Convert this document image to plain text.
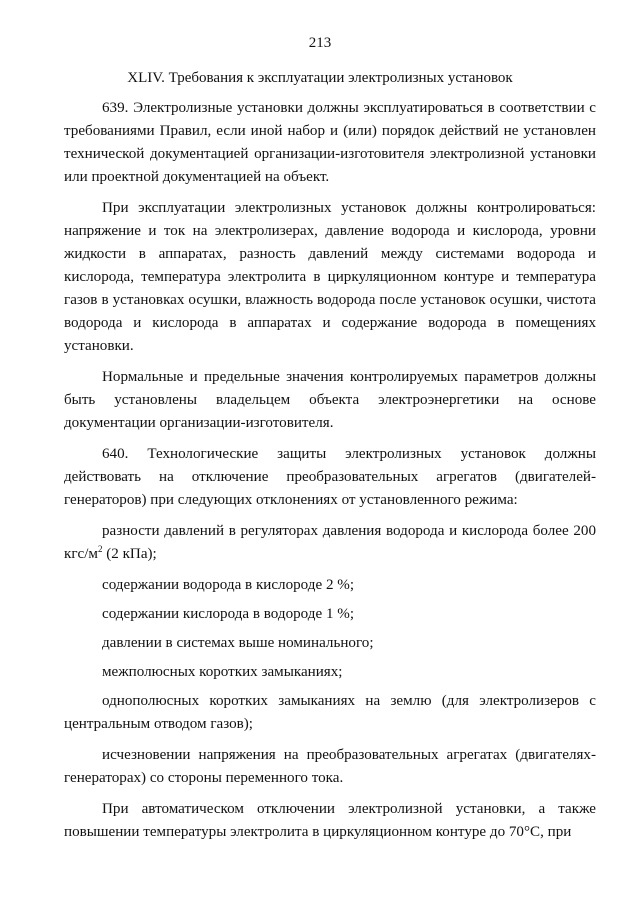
213
XLIV. Требования к эксплуатации электролизных установок

639. Электролизные установки должны эксплуатироваться в соответствии с требованиями Правил, если иной набор и (или) порядок действий не установлен технической документацией организации-изготовителя электролизной установки или проектной документацией на объект.

При эксплуатации электролизных установок должны контролироваться: напряжение и ток на электролизерах, давление водорода и кислорода, уровни жидкости в аппаратах, разность давлений между системами водорода и кислорода, температура электролита в циркуляционном контуре и температура газов в установках осушки, влажность водорода после установок осушки, чистота водорода и кислорода в аппаратах и содержание водорода в помещениях установки.

Нормальные и предельные значения контролируемых параметров должны быть установлены владельцем объекта электроэнергетики на основе документации организации-изготовителя.

640. Технологические защиты электролизных установок должны действовать на отключение преобразовательных агрегатов (двигателей-генераторов) при следующих отклонениях от установленного режима:

разности давлений в регуляторах давления водорода и кислорода более 200 кгс/$м^2$ (2 кПа);

содержании водорода в кислороде 2 %;

содержании кислорода в водороде 1 %;

давлении в системах выше номинального;

межполюсных коротких замыканиях;

однополюсных коротких замыканиях на землю (для электролизеров с центральным отводом газов);

исчезновении напряжения на преобразовательных агрегатах (двигателях-генераторах) со стороны переменного тока.

При автоматическом отключении электролизной установки, а также повышении температуры электролита в циркуляционном контуре до 70°С, при
